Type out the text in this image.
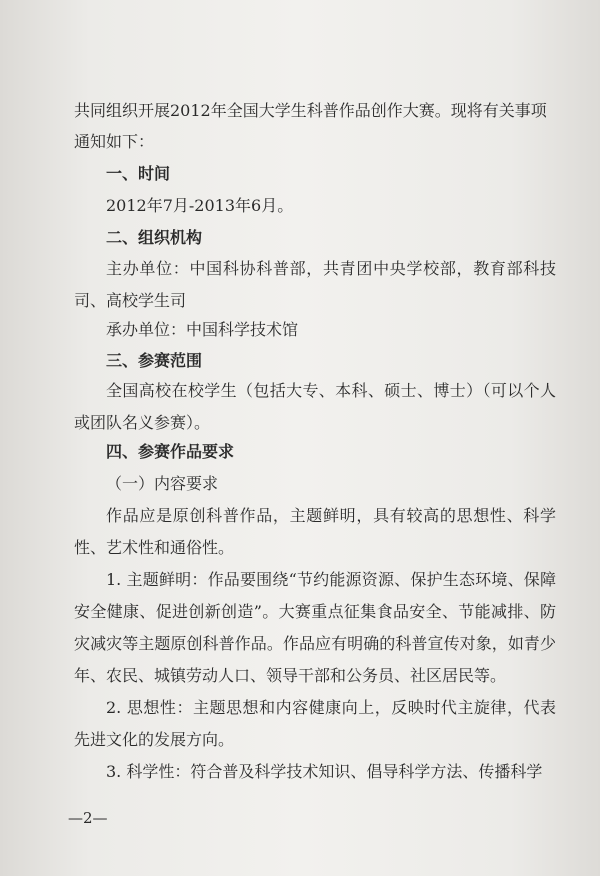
共同组织开展2012年全国大学生科普作品创作大赛。现将有关事项
通知如下：
一、时间
2012年7月-2013年6月。
二、组织机构
主办单位：中国科协科普部，共青团中央学校部，教育部科技司、高校学生司
承办单位：中国科学技术馆
三、参赛范围
全国高校在校学生（包括大专、本科、硕士、博士）（可以个人或团队名义参赛）。
四、参赛作品要求
（一）内容要求
作品应是原创科普作品，主题鲜明，具有较高的思想性、科学性、艺术性和通俗性。
1. 主题鲜明：作品要围绕“节约能源资源、保护生态环境、保障安全健康、促进创新创造”。大赛重点征集食品安全、节能减排、防灾减灾等主题原创科普作品。作品应有明确的科普宣传对象，如青少年、农民、城镇劳动人口、领导干部和公务员、社区居民等。
2. 思想性：主题思想和内容健康向上，反映时代主旋律，代表先进文化的发展方向。
3. 科学性：符合普及科学技术知识、倡导科学方法、传播科学
—2—
